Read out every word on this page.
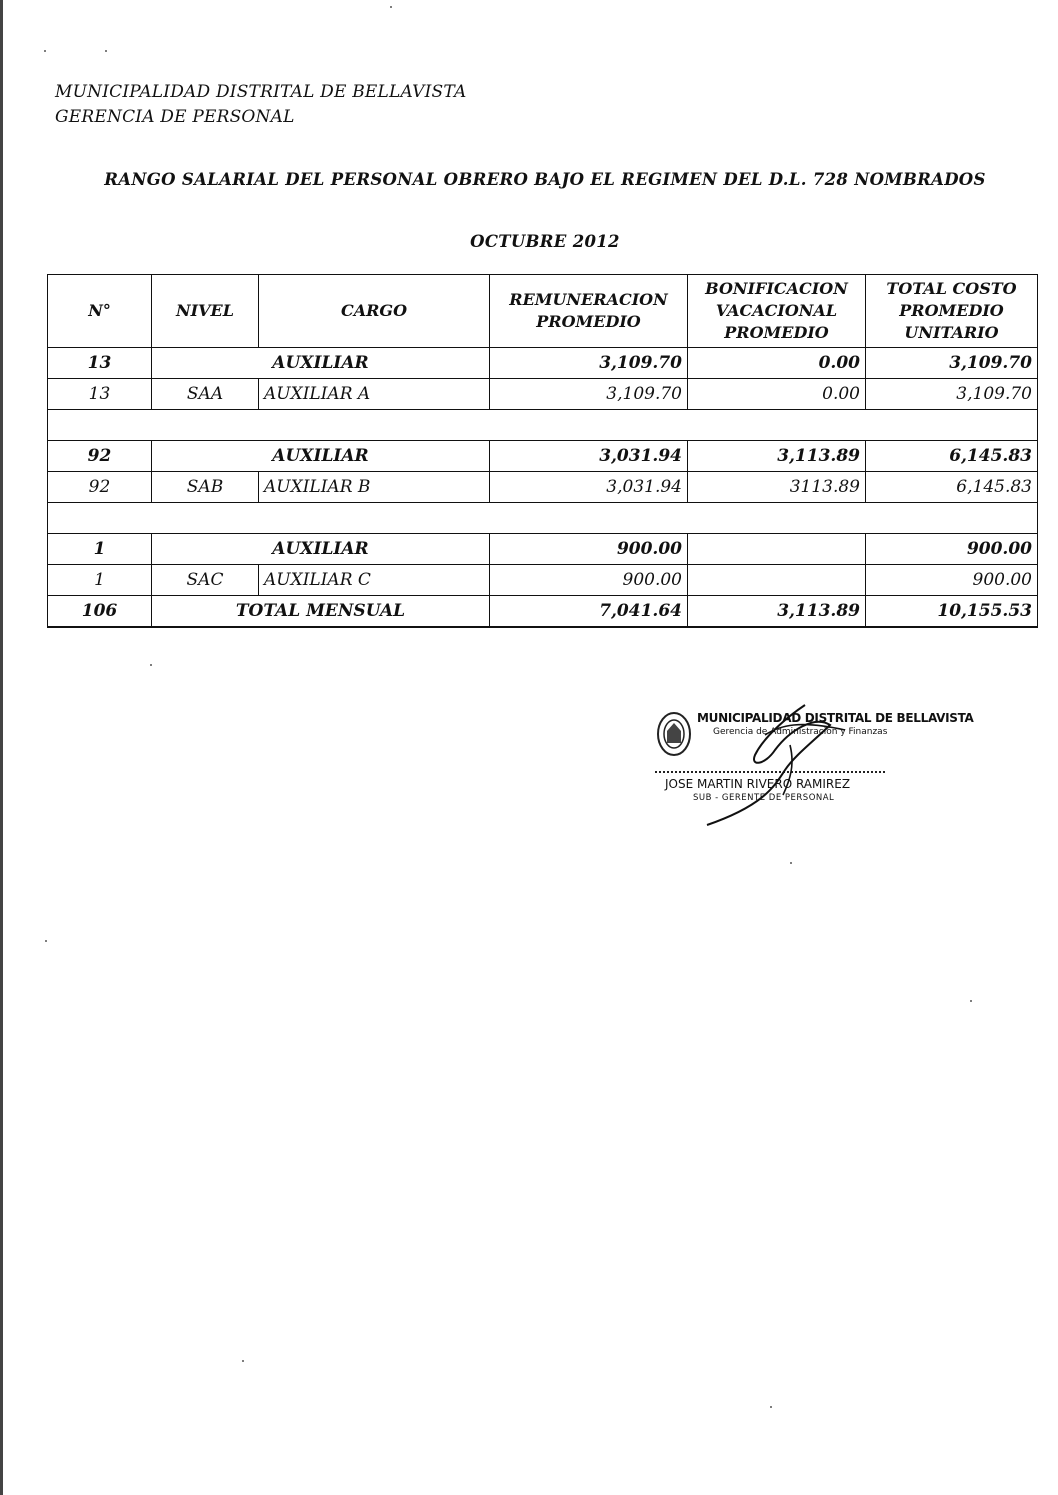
MUNICIPALIDAD DISTRITAL DE BELLAVISTA
GERENCIA DE PERSONAL
RANGO SALARIAL DEL PERSONAL OBRERO BAJO EL REGIMEN DEL D.L. 728 NOMBRADOS
OCTUBRE 2012
N°	NIVEL	CARGO	REMUNERACION PROMEDIO	BONIFICACION VACACIONAL PROMEDIO	TOTAL COSTO PROMEDIO UNITARIO
13	AUXILIAR		3,109.70	0.00	3,109.70
13	SAA	AUXILIAR A	3,109.70	0.00	3,109.70

92	AUXILIAR		3,031.94	3,113.89	6,145.83
92	SAB	AUXILIAR B	3,031.94	3113.89	6,145.83

1	AUXILIAR		900.00		900.00
1	SAC	AUXILIAR C	900.00		900.00
106	TOTAL MENSUAL		7,041.64	3,113.89	10,155.53
MUNICIPALIDAD DISTRITAL DE BELLAVISTA
Gerencia de Administración y Finanzas
JOSE MARTIN RIVERO RAMIREZ
SUB - GERENTE DE PERSONAL
